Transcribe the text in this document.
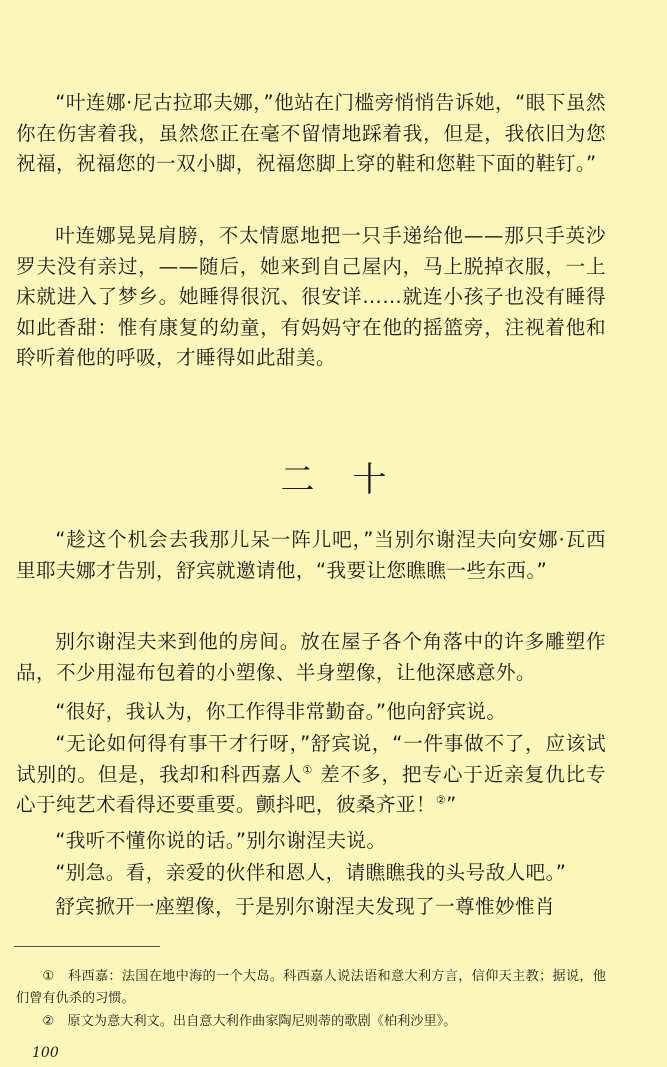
“叶连娜·尼古拉耶夫娜，”他站在门槛旁悄悄告诉她，“眼下虽然你在伤害着我，虽然您正在毫不留情地踩着我，但是，我依旧为您祝福，祝福您的一双小脚，祝福您脚上穿的鞋和您鞋下面的鞋钉。”

叶连娜晃晃肩膀，不太情愿地把一只手递给他——那只手英沙罗夫没有亲过，——随后，她来到自己屋内，马上脱掉衣服，一上床就进入了梦乡。她睡得很沉、很安详……就连小孩子也没有睡得如此香甜：惟有康复的幼童，有妈妈守在他的摇篮旁，注视着他和聆听着他的呼吸，才睡得如此甜美。

二十

“趁这个机会去我那儿呆一阵儿吧，”当别尔谢涅夫向安娜·瓦西里耶夫娜才告别，舒宾就邀请他，“我要让您瞧瞧一些东西。”

别尔谢涅夫来到他的房间。放在屋子各个角落中的许多雕塑作品，不少用湿布包着的小塑像、半身塑像，让他深感意外。

“很好，我认为，你工作得非常勤奋。”他向舒宾说。

“无论如何得有事干才行呀，”舒宾说，“一件事做不了，应该试试别的。但是，我却和科西嘉人① 差不多，把专心于近亲复仇比专心于纯艺术看得还要重要。颤抖吧，彼桑齐亚！②”

“我听不懂你说的话。”别尔谢涅夫说。

“别急。看，亲爱的伙伴和恩人，请瞧瞧我的头号敌人吧。”

舒宾掀开一座塑像，于是别尔谢涅夫发现了一尊惟妙惟肖

①　科西嘉：法国在地中海的一个大岛。科西嘉人说法语和意大利方言，信仰天主教；据说，他们曾有仇杀的习惯。

②　原文为意大利文。出自意大利作曲家陶尼则蒂的歌剧《柏利沙里》。

100
